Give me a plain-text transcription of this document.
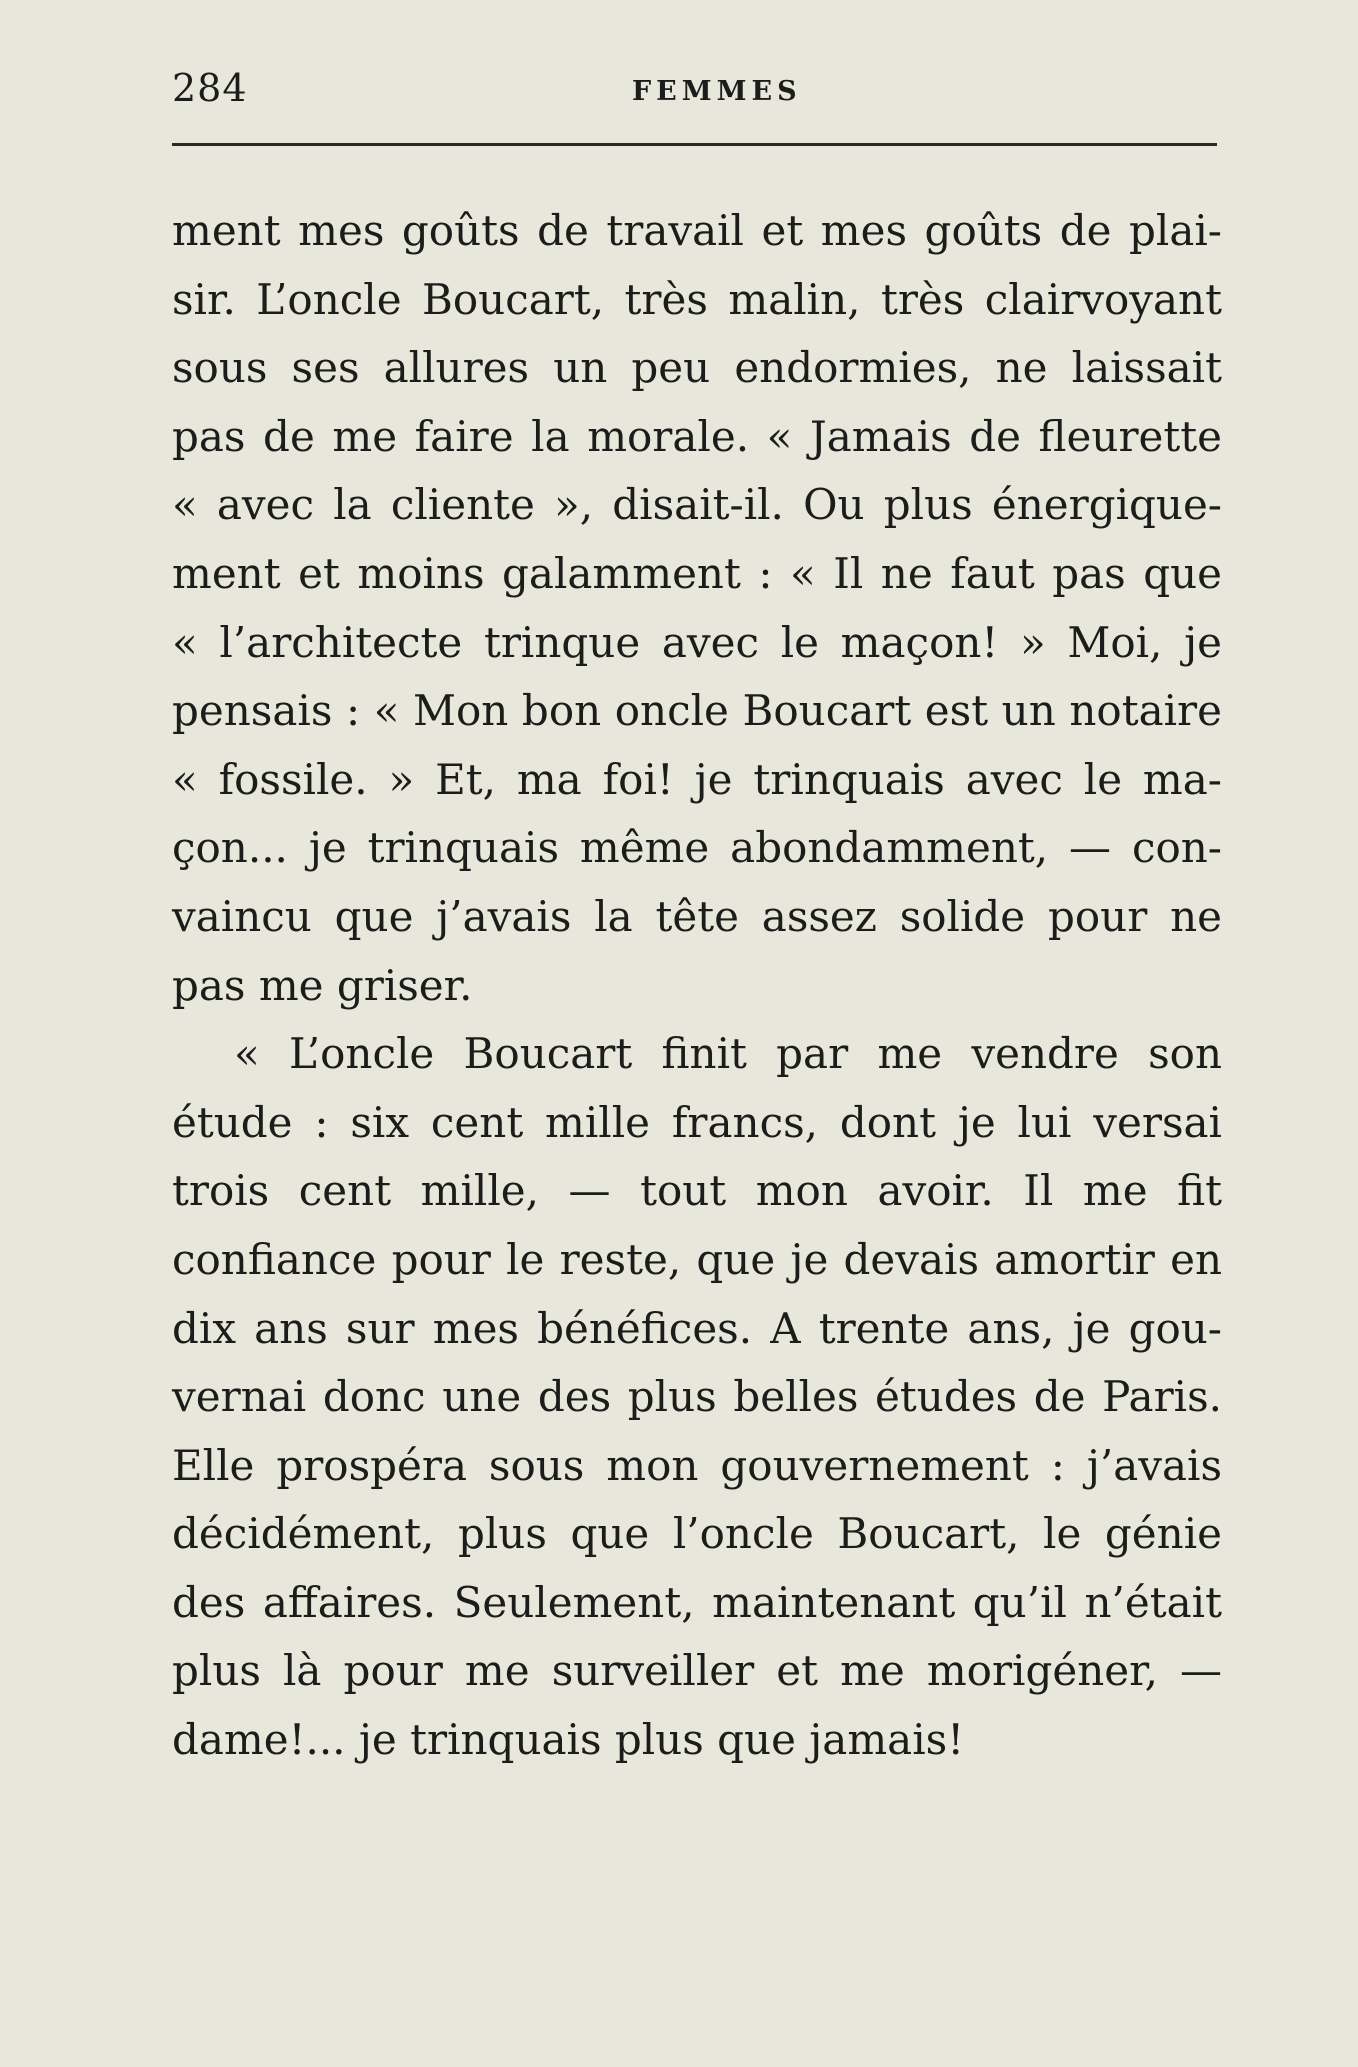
284	FEMMES
ment mes goûts de travail et mes goûts de plai-
sir. L’oncle Boucart, très malin, très clairvoyant
sous ses allures un peu endormies, ne laissait
pas de me faire la morale. « Jamais de fleurette
« avec la cliente », disait-il. Ou plus énergique-
ment et moins galamment : « Il ne faut pas que
« l’architecte trinque avec le maçon! » Moi, je
pensais : « Mon bon oncle Boucart est un notaire
« fossile. » Et, ma foi! je trinquais avec le ma-
çon... je trinquais même abondamment, — con-
vaincu que j’avais la tête assez solide pour ne
pas me griser.
« L’oncle Boucart finit par me vendre son
étude : six cent mille francs, dont je lui versai
trois cent mille, — tout mon avoir. Il me fit
confiance pour le reste, que je devais amortir en
dix ans sur mes bénéfices. A trente ans, je gou-
vernai donc une des plus belles études de Paris.
Elle prospéra sous mon gouvernement : j’avais
décidément, plus que l’oncle Boucart, le génie
des affaires. Seulement, maintenant qu’il n’était
plus là pour me surveiller et me morigéner, —
dame!... je trinquais plus que jamais!
